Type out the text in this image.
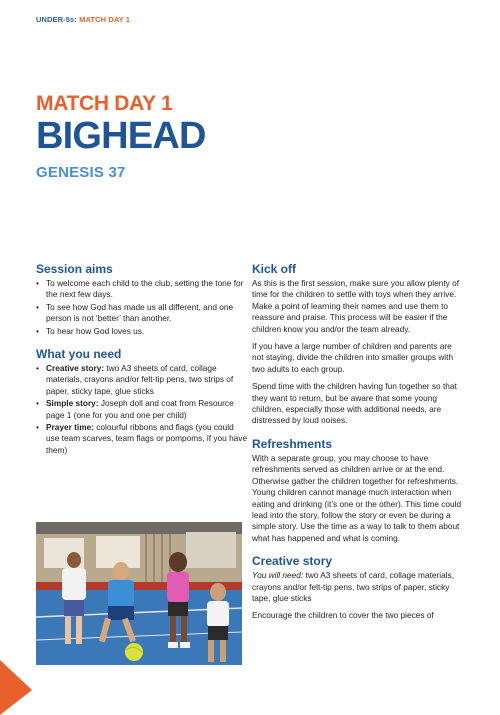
UNDER-5s: MATCH DAY 1
MATCH DAY 1
BIGHEAD
GENESIS 37
Session aims
• To welcome each child to the club, setting the tone for the next few days.
• To see how God has made us all different, and one person is not ‘better’ than another.
• To hear how God loves us.
What you need
• Creative story: two A3 sheets of card, collage materials, crayons and/or felt-tip pens, two strips of paper, sticky tape, glue sticks
• Simple story: Joseph doll and coat from Resource page 1 (one for you and one per child)
• Prayer time: colourful ribbons and flags (you could use team scarves, team flags or pompoms, if you have them)
Kick off

As this is the first session, make sure you allow plenty of time for the children to settle with toys when they arrive. Make a point of learning their names and use them to reassure and praise. This process will be easier if the children know you and/or the team already.

If you have a large number of children and parents are not staying, divide the children into smaller groups with two adults to each group.

Spend time with the children having fun together so that they want to return, but be aware that some young children, especially those with additional needs, are distressed by loud noises.

Refreshments

With a separate group, you may choose to have refreshments served as children arrive or at the end. Otherwise gather the children together for refreshments. Young children cannot manage much interaction when eating and drinking (it’s one or the other). This time could lead into the story, follow the story or even be during a simple story. Use the time as a way to talk to them about what has happened and what is coming.

Creative story

You will need: two A3 sheets of card, collage materials, crayons and/or felt-tip pens, two strips of paper, sticky tape, glue sticks

Encourage the children to cover the two pieces of
